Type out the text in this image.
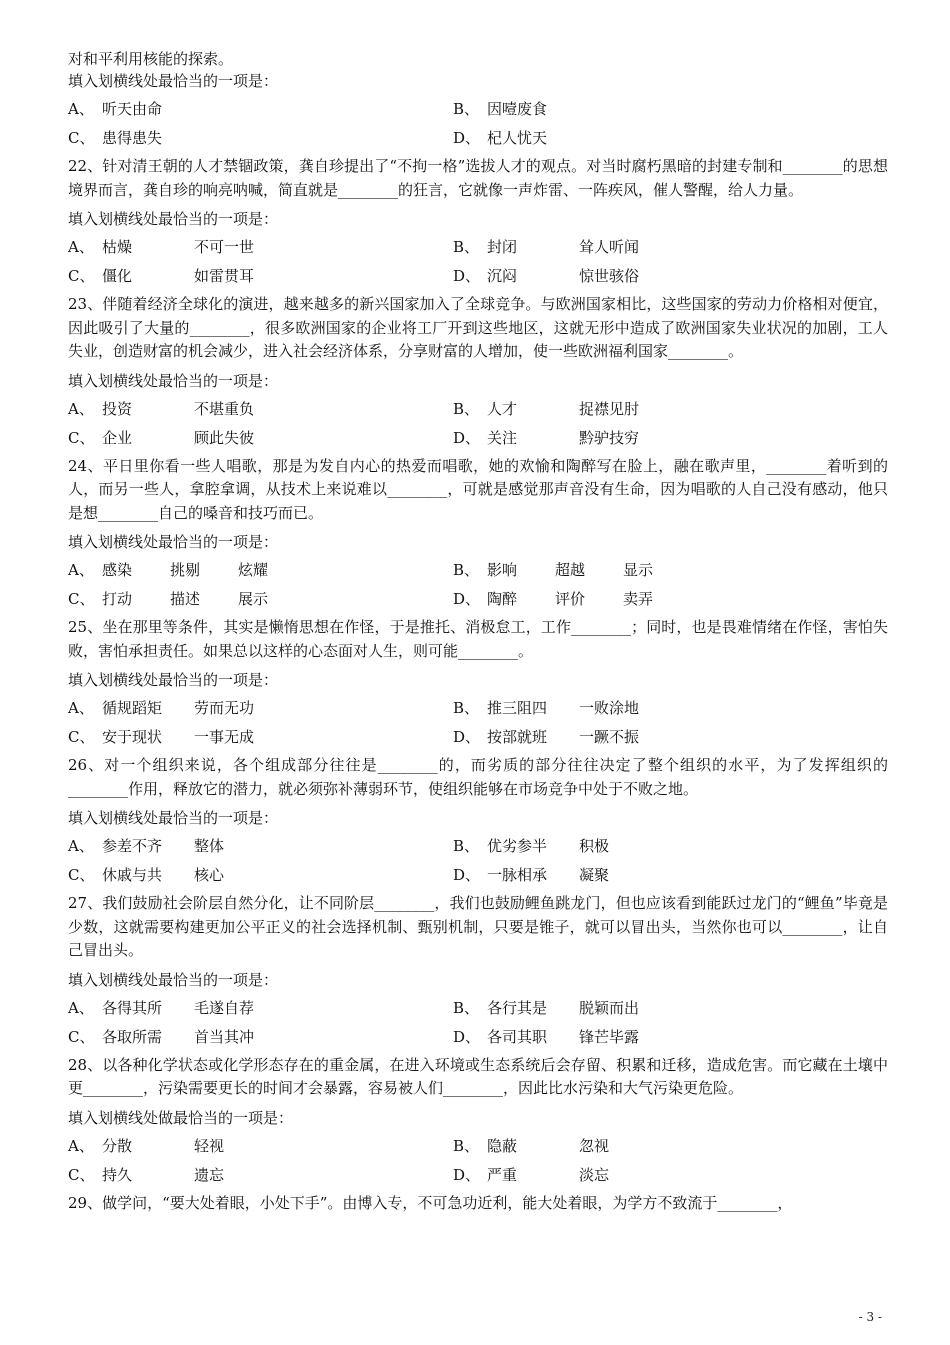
对和平利用核能的探索。

填入划横线处最恰当的一项是：

A、 听天由命	B、 因噎废食
C、 患得患失	D、 杞人忧天

22、针对清王朝的人才禁锢政策，龚自珍提出了“不拘一格”选拔人才的观点。对当时腐朽黑暗的封建专制和________的思想境界而言，龚自珍的响亮呐喊，简直就是________的狂言，它就像一声炸雷、一阵疾风，催人警醒，给人力量。

填入划横线处最恰当的一项是：

A、 枯燥	不可一世	B、 封闭	耸人听闻
C、 僵化	如雷贯耳	D、 沉闷	惊世骇俗

23、伴随着经济全球化的演进，越来越多的新兴国家加入了全球竞争。与欧洲国家相比，这些国家的劳动力价格相对便宜，因此吸引了大量的________，很多欧洲国家的企业将工厂开到这些地区，这就无形中造成了欧洲国家失业状况的加剧，工人失业，创造财富的机会减少，进入社会经济体系，分享财富的人增加，使一些欧洲福利国家________。

填入划横线处最恰当的一项是：

A、 投资	不堪重负	B、 人才	捉襟见肘
C、 企业	顾此失彼	D、 关注	黔驴技穷

24、平日里你看一些人唱歌，那是为发自内心的热爱而唱歌，她的欢愉和陶醉写在脸上，融在歌声里，________着听到的人，而另一些人，拿腔拿调，从技术上来说难以________，可就是感觉那声音没有生命，因为唱歌的人自己没有感动，他只是想________自己的嗓音和技巧而已。

填入划横线处最恰当的一项是：

A、 感染	挑剔	炫耀	B、 影响	超越	显示
C、 打动	描述	展示	D、 陶醉	评价	卖弄

25、坐在那里等条件，其实是懒惰思想在作怪，于是推托、消极怠工，工作________；同时，也是畏难情绪在作怪，害怕失败，害怕承担责任。如果总以这样的心态面对人生，则可能________。

填入划横线处最恰当的一项是：

A、 循规蹈矩	劳而无功	B、 推三阻四	一败涂地
C、 安于现状	一事无成	D、 按部就班	一蹶不振

26、对一个组织来说，各个组成部分往往是________的，而劣质的部分往往决定了整个组织的水平，为了发挥组织的________作用，释放它的潜力，就必须弥补薄弱环节，使组织能够在市场竞争中处于不败之地。

填入划横线处最恰当的一项是：

A、 参差不齐	整体	B、 优劣参半	积极
C、 休戚与共	核心	D、 一脉相承	凝聚

27、我们鼓励社会阶层自然分化，让不同阶层________，我们也鼓励鲤鱼跳龙门，但也应该看到能跃过龙门的“鲤鱼”毕竟是少数，这就需要构建更加公平正义的社会选择机制、甄别机制，只要是锥子，就可以冒出头，当然你也可以________，让自己冒出头。

填入划横线处最恰当的一项是：

A、 各得其所	毛遂自荐	B、 各行其是	脱颖而出
C、 各取所需	首当其冲	D、 各司其职	锋芒毕露

28、以各种化学状态或化学形态存在的重金属，在进入环境或生态系统后会存留、积累和迁移，造成危害。而它藏在土壤中更________，污染需要更长的时间才会暴露，容易被人们________，因此比水污染和大气污染更危险。

填入划横线处做最恰当的一项是：

A、 分散	轻视	B、 隐蔽	忽视
C、 持久	遗忘	D、 严重	淡忘

29、做学问，“要大处着眼，小处下手”。由博入专，不可急功近利，能大处着眼，为学方不致流于________，

- 3 -
